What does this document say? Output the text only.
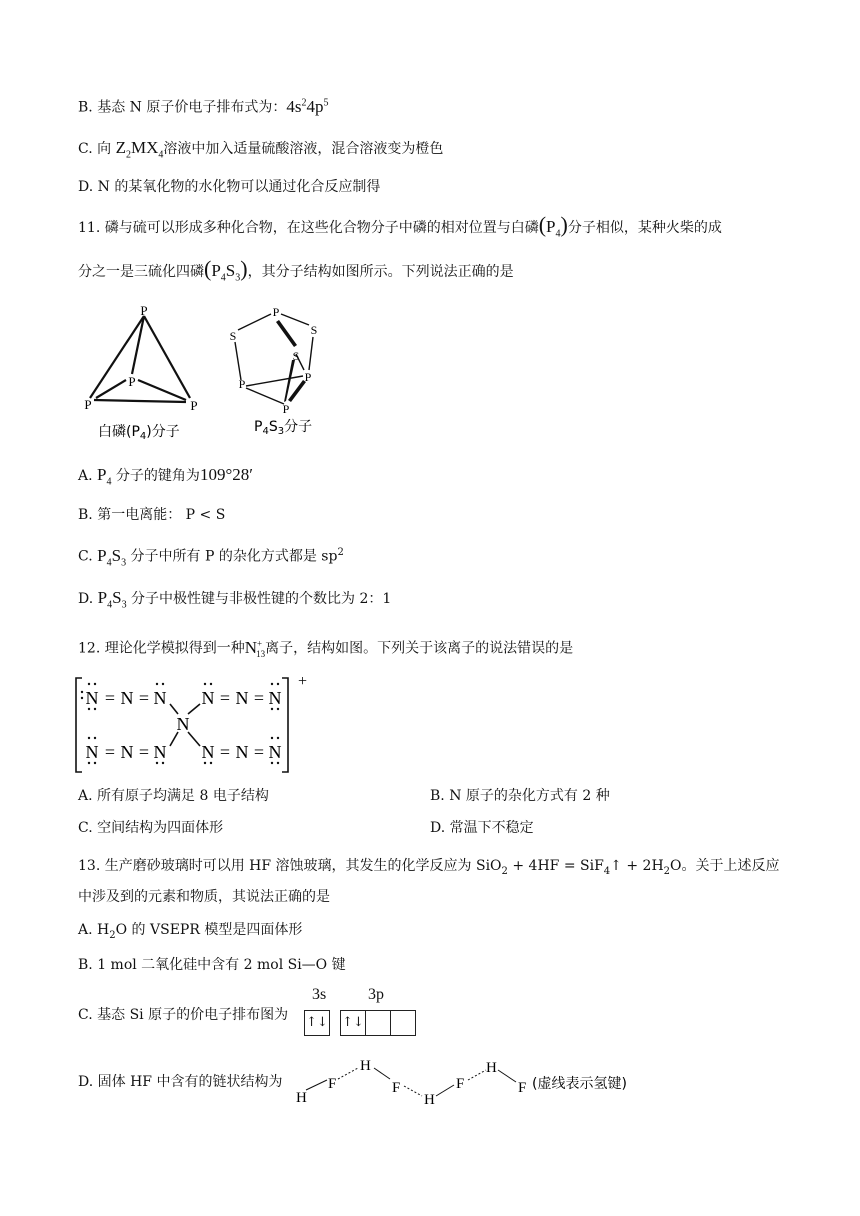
B. 基态 N 原子价电子排布式为：$4s^24p^5$
C. 向 $Z_2MX_4$溶液中加入适量硫酸溶液，混合溶液变为橙色
D. N 的某氧化物的水化物可以通过化合反应制得
11. 磷与硫可以形成多种化合物，在这些化合物分子中磷的相对位置与白磷$(P_4)$分子相似，某种火柴的成
分之一是三硫化四磷$(P_4S_3)$，其分子结构如图所示。下列说法正确的是
P
P
P	P
白磷$(P_4)$分子
P
P	P
P
S	S
S
$P_4S_3$分子
A. $P_4$ 分子的键角为109°28′
B. 第一电离能： P < S
C. $P_4S_3$ 分子中所有 P 的杂化方式都是 $sp^2$
D. $P_4S_3$ 分子中极性键与非极性键的个数比为 2：1
12. 理论化学模拟得到一种$N^+_{13}$离子，结构如图。下列关于该离子的说法错误的是
N = N = N N = N = N
N
N = N = N N = N = N
+
A. 所有原子均满足 8 电子结构	B. N 原子的杂化方式有 2 种
C. 空间结构为四面体形	D. 常温下不稳定
13. 生产磨砂玻璃时可以用 HF 溶蚀玻璃，其发生的化学反应为 SiO$_2$ + 4HF = SiF$_4$↑ + $2H_2O$。关于上述反应
中涉及到的元素和物质，其说法正确的是
A. $H_2O$ 的 VSEPR 模型是四面体形
B. 1 mol 二氧化硅中含有 2 mol Si—O 键
C. 基态 Si 原子的价电子排布图为
3s	3p
↑↓ ↑↓
D. 固体 HF 中含有的链状结构为
H
F
H
F
H
F
H
F (虚线表示氢键)
